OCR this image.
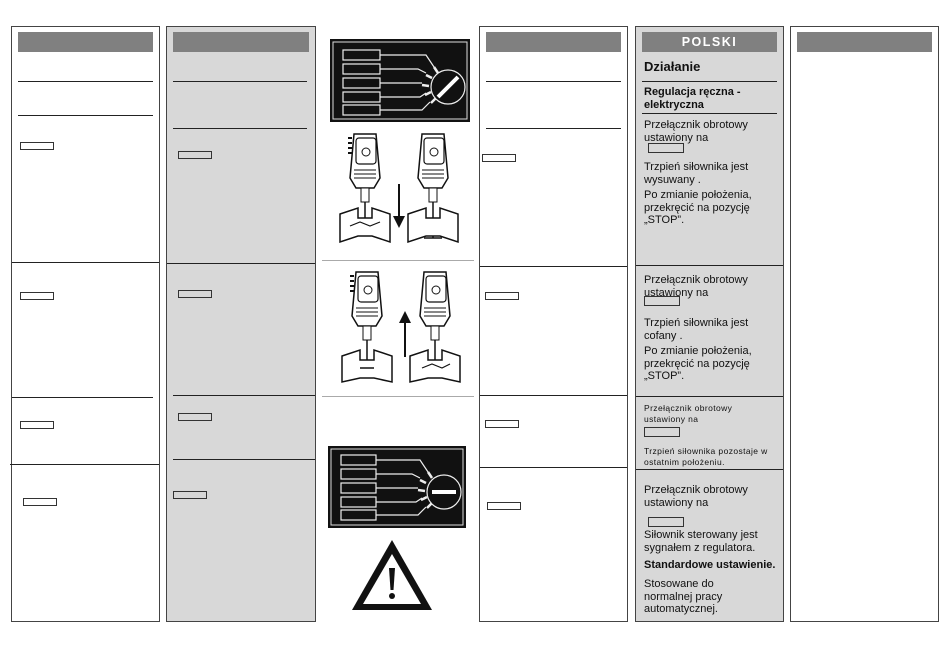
POLSKI
Działanie
Regulacja ręczna - elektryczna
Przełącznik obrotowy ustawiony na
Trzpień siłownika jest wysuwany .
Po zmianie położenia, przekręcić na pozycję „STOP”.
Przełącznik obrotowy ustawiony na
Trzpień siłownika jest cofany .
Po zmianie położenia, przekręcić na pozycję „STOP”.
Przełącznik obrotowy ustawiony na
Trzpień siłownika pozostaje w ostatnim położeniu.
Przełącznik obrotowy ustawiony na
Siłownik sterowany jest sygnałem z regulatora.
Standardowe ustawienie.
Stosowane do normalnej pracy automatycznej.
